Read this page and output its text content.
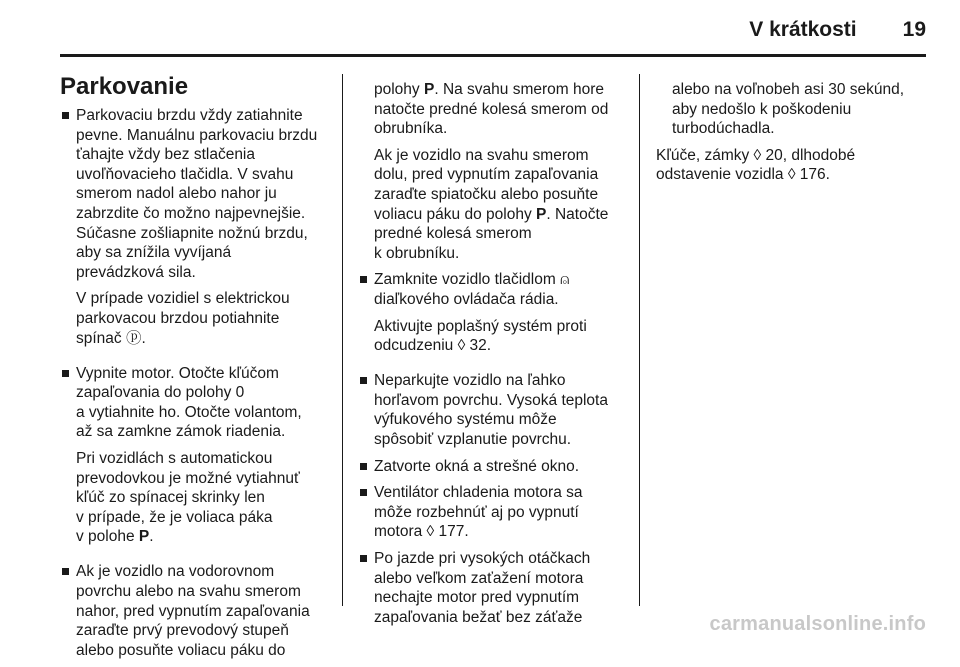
V krátkosti 19
Parkovanie

Parkovaciu brzdu vždy zatiahnite
pevne. Manuálnu parkovaciu brzdu
ťahajte vždy bez stlačenia
uvoľňovacieho tlačidla. V svahu
smerom nadol alebo nahor ju
zabrzdite čo možno najpevnejšie.
Súčasne zošliapnite nožnú brzdu,
aby sa znížila vyvíjaná
prevádzková sila.

V prípade vozidiel s elektrickou
parkovacou brzdou potiahnite
spínač ⓟ.

Vypnite motor. Otočte kľúčom
zapaľovania do polohy 0
a vytiahnite ho. Otočte volantom,
až sa zamkne zámok riadenia.

Pri vozidlách s automatickou
prevodovkou je možné vytiahnuť
kľúč zo spínacej skrinky len
v prípade, že je voliaca páka
v polohe P.

Ak je vozidlo na vodorovnom
povrchu alebo na svahu smerom
nahor, pred vypnutím zapaľovania
zaraďte prvý prevodový stupeň
alebo posuňte voliacu páku do

polohy P. Na svahu smerom hore
natočte predné kolesá smerom od
obrubníka.

Ak je vozidlo na svahu smerom
dolu, pred vypnutím zapaľovania
zaraďte spiatočku alebo posuňte
voliacu páku do polohy P. Natočte
predné kolesá smerom
k obrubníku.

Zamknite vozidlo tlačidlom ⍝
diaľkového ovládača rádia.

Aktivujte poplašný systém proti
odcudzeniu ◊ 32.

Neparkujte vozidlo na ľahko
horľavom povrchu. Vysoká teplota
výfukového systému môže
spôsobiť vzplanutie povrchu.

Zatvorte okná a strešné okno.

Ventilátor chladenia motora sa
môže rozbehnúť aj po vypnutí
motora ◊ 177.

Po jazde pri vysokých otáčkach
alebo veľkom zaťažení motora
nechajte motor pred vypnutím
zapaľovania bežať bez záťaže

alebo na voľnobeh asi 30 sekúnd,
aby nedošlo k poškodeniu
turbodúchadla.

Kľúče, zámky ◊ 20, dlhodobé
odstavenie vozidla ◊ 176.

carmanualsonline.info
